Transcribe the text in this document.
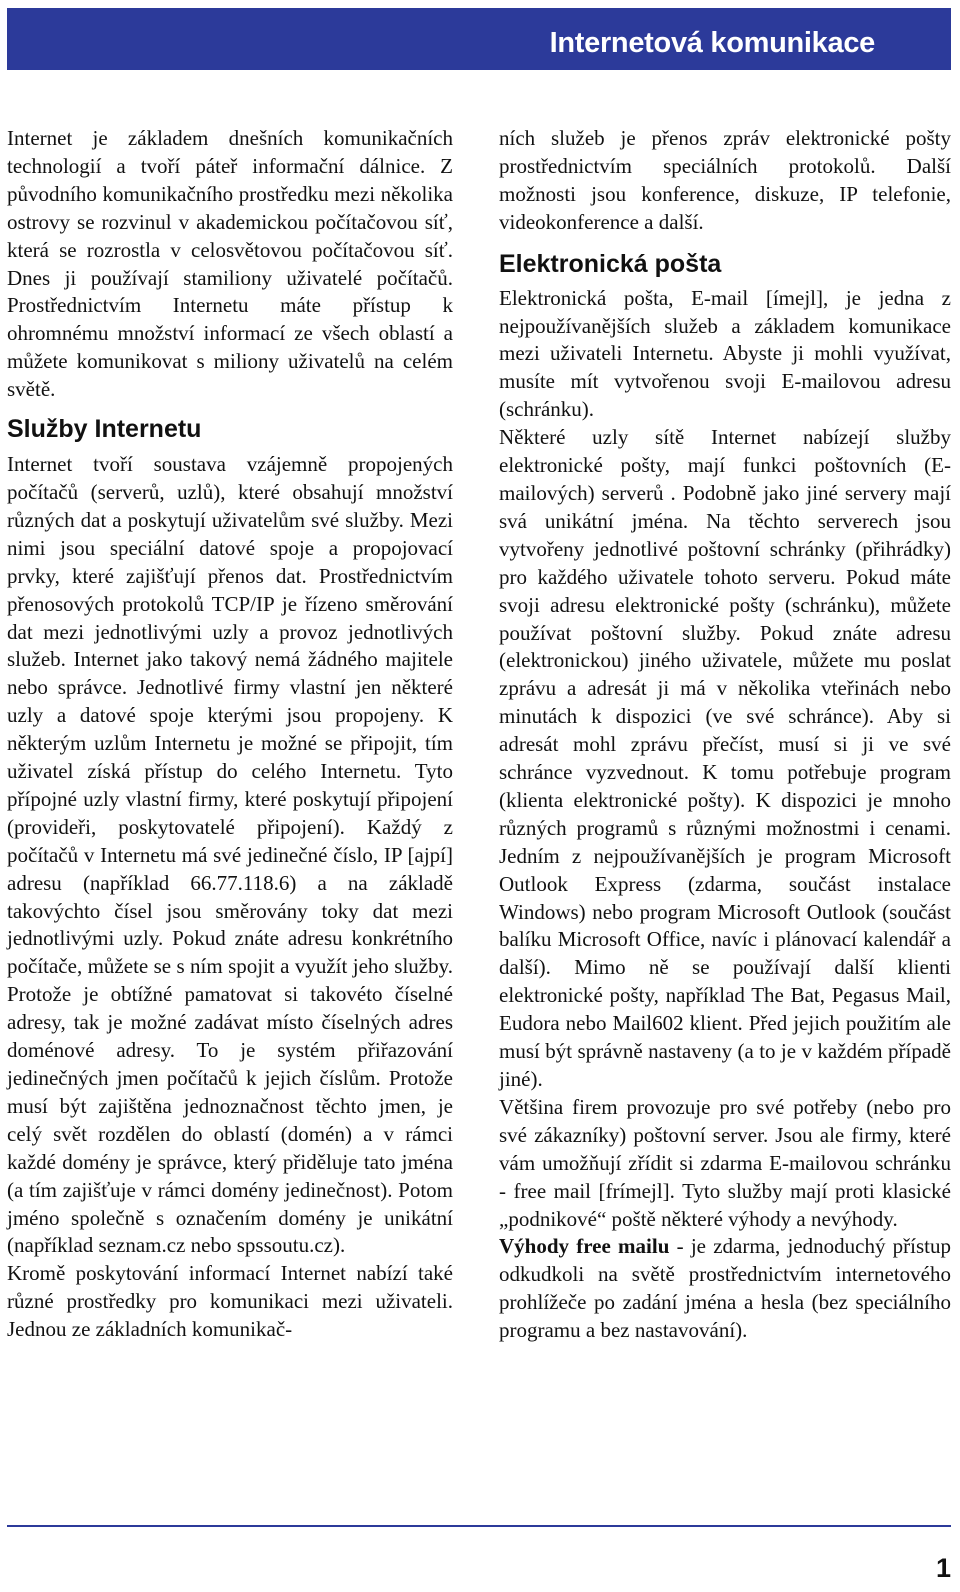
Internetová komunikace

Internet je základem dnešních komunikačních technologií a tvoří páteř informační dálnice. Z původního komunikačního prostředku mezi několika ostrovy se rozvinul v akademickou počítačovou síť, která se rozrostla v celosvětovou počítačovou síť. Dnes ji používají stamiliony uživatelé počítačů. Prostřednictvím Internetu máte přístup k ohromnému množství informací ze všech oblastí a můžete komunikovat s miliony uživatelů na celém světě.

Služby Internetu

Internet tvoří soustava vzájemně propojených počítačů (serverů, uzlů), které obsahují množství různých dat a poskytují uživatelům své služby. Mezi nimi jsou speciální datové spoje a propojovací prvky, které zajišťují přenos dat. Prostřednictvím přenosových protokolů TCP/IP je řízeno směrování dat mezi jednotlivými uzly a provoz jednotlivých služeb. Internet jako takový nemá žádného majitele nebo správce. Jednotlivé firmy vlastní jen některé uzly a datové spoje kterými jsou propojeny. K některým uzlům Internetu je možné se připojit, tím uživatel získá přístup do celého Internetu. Tyto přípojné uzly vlastní firmy, které poskytují připojení (provideři, poskytovatelé připojení). Každý z počítačů v Internetu má své jedinečné číslo, IP [ajpí] adresu (například 66.77.118.6) a na základě takovýchto čísel jsou směrovány toky dat mezi jednotlivými uzly. Pokud znáte adresu konkrétního počítače, můžete se s ním spojit a využít jeho služby. Protože je obtížné pamatovat si takovéto číselné adresy, tak je možné zadávat místo číselných adres doménové adresy. To je systém přiřazování jedinečných jmen počítačů k jejich číslům. Protože musí být zajištěna jednoznačnost těchto jmen, je celý svět rozdělen do oblastí (domén) a v rámci každé domény je správce, který přiděluje tato jména (a tím zajišťuje v rámci domény jedinečnost). Potom jméno společně s označením domény je unikátní (například seznam.cz nebo spssoutu.cz).

Kromě poskytování informací Internet nabízí také různé prostředky pro komunikaci mezi uživateli. Jednou ze základních komunikač-

ních služeb je přenos zpráv elektronické pošty prostřednictvím speciálních protokolů. Další možnosti jsou konference, diskuze, IP telefonie, videokonference a další.

Elektronická pošta

Elektronická pošta, E-mail [ímejl], je jedna z nejpoužívanějších služeb a základem komunikace mezi uživateli Internetu. Abyste ji mohli využívat, musíte mít vytvořenou svoji E-mailovou adresu (schránku).

Některé uzly sítě Internet nabízejí služby elektronické pošty, mají funkci poštovních (E-mailových) serverů . Podobně jako jiné servery mají svá unikátní jména. Na těchto serverech jsou vytvořeny jednotlivé poštovní schránky (přihrádky) pro každého uživatele tohoto serveru. Pokud máte svoji adresu elektronické pošty (schránku), můžete používat poštovní služby. Pokud znáte adresu (elektronickou) jiného uživatele, můžete mu poslat zprávu a adresát ji má v několika vteřinách nebo minutách k dispozici (ve své schránce). Aby si adresát mohl zprávu přečíst, musí si ji ve své schránce vyzvednout. K tomu potřebuje program (klienta elektronické pošty). K dispozici je mnoho různých programů s různými možnostmi i cenami. Jedním z nejpoužívanějších je program Microsoft Outlook Express (zdarma, součást instalace Windows) nebo program Microsoft Outlook (součást balíku Microsoft Office, navíc i plánovací kalendář a další). Mimo ně se používají další klienti elektronické pošty, například The Bat, Pegasus Mail, Eudora nebo Mail602 klient. Před jejich použitím ale musí být správně nastaveny (a to je v každém případě jiné).

Většina firem provozuje pro své potřeby (nebo pro své zákazníky) poštovní server. Jsou ale firmy, které vám umožňují zřídit si zdarma E-mailovou schránku - free mail [frímejl]. Tyto služby mají proti klasické „podnikové“ poště některé výhody a nevýhody.

Výhody free mailu - je zdarma, jednoduchý přístup odkudkoli na světě prostřednictvím internetového prohlížeče po zadání jména a hesla (bez speciálního programu a bez nastavování).

1
